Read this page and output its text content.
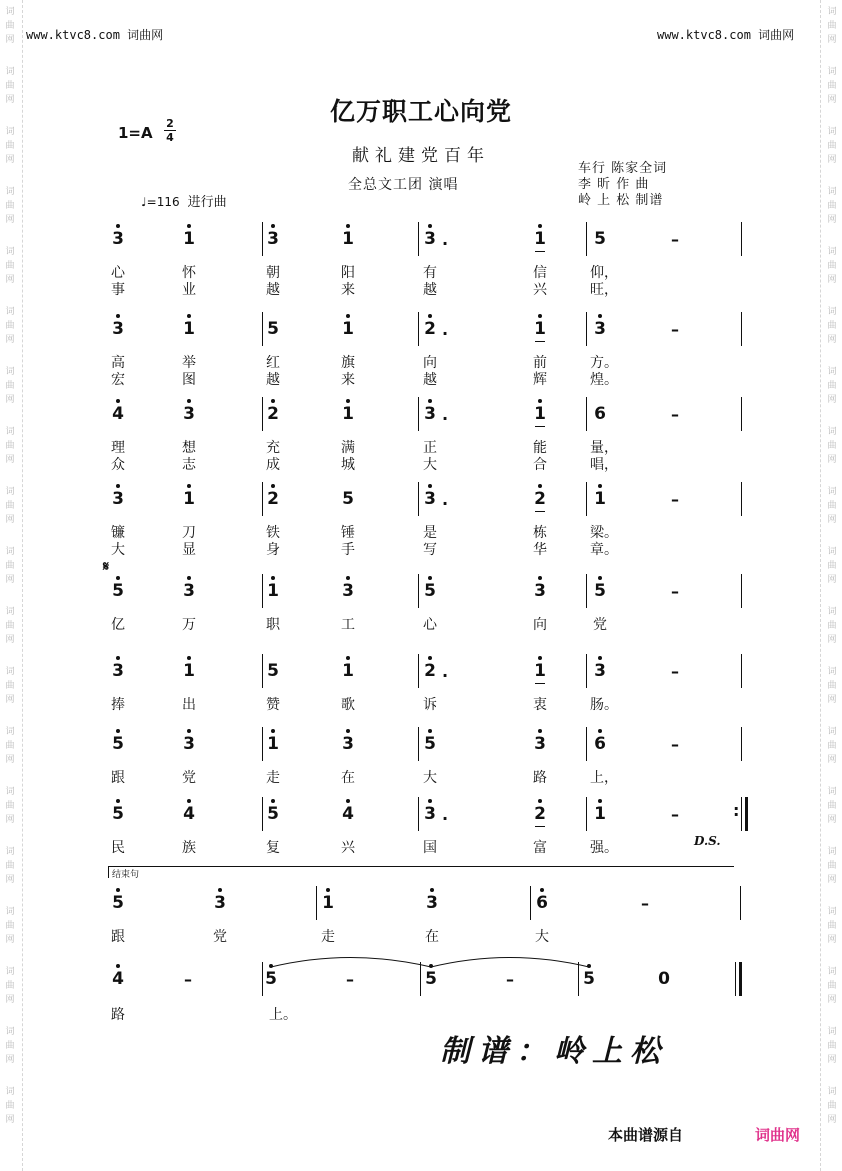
词
曲
网
词
曲
网
词
曲
网
词
曲
网
词
曲
网
词
曲
网
词
曲
网
词
曲
网
词
曲
网
词
曲
网
词
曲
网
词
曲
网
词
曲
网
词
曲
网
词
曲
网
词
曲
网
词
曲
网
词
曲
网
词
曲
网
词
曲
网
词
曲
网
词
曲
网
词
曲
网
词
曲
网
词
曲
网
词
曲
网
词
曲
网
词
曲
网
词
曲
网
词
曲
网
词
曲
网
词
曲
网
词
曲
网
词
曲
网
词
曲
网
词
曲
网
词
曲
网
词
曲
网
www.ktvc8.com 词曲网	www.ktvc8.com 词曲网
亿万职工心向党
献礼建党百年
全总文工团 演唱
车行 陈家全词
李 昕 作 曲
岭 上 松 制谱
1=A
2
4
♩=116 进行曲
3	1	3	1	3 .	1	5	–
心	怀	朝	阳	有	信	仰，
事	业	越	来	越	兴	旺，
3	1	5	1	2 .	1	3	–
高	举	红	旗	向	前	方。
宏	图	越	来	越	辉	煌。
4	3	2	1	3 .	1	6	–
理	想	充	满	正	能	量，
众	志	成	城	大	合	唱，
3	1	2	5	3 .	2	1	–
镰	刀	铁	锤	是	栋	梁。
大	显	身	手	写	华	章。
5	3	1	3	5	3	5	–
亿	万	职	工	心	向	党
3	1	5	1	2 .	1	3	–
捧	出	赞	歌	诉	衷	肠。
5	3	1	3	5	3	6	–
跟	党	走	在	大	路	上，
5	4	5	4	3 .	2	1	–	:
民	族	复	兴	国	富	强。
5	3	1	3	6	–
跟	党	走	在	大
4	–	5	–	5	–	5	0
路	上。
𝄋
D.S.
结束句
制谱：岭上松
本曲谱源自	词曲网
